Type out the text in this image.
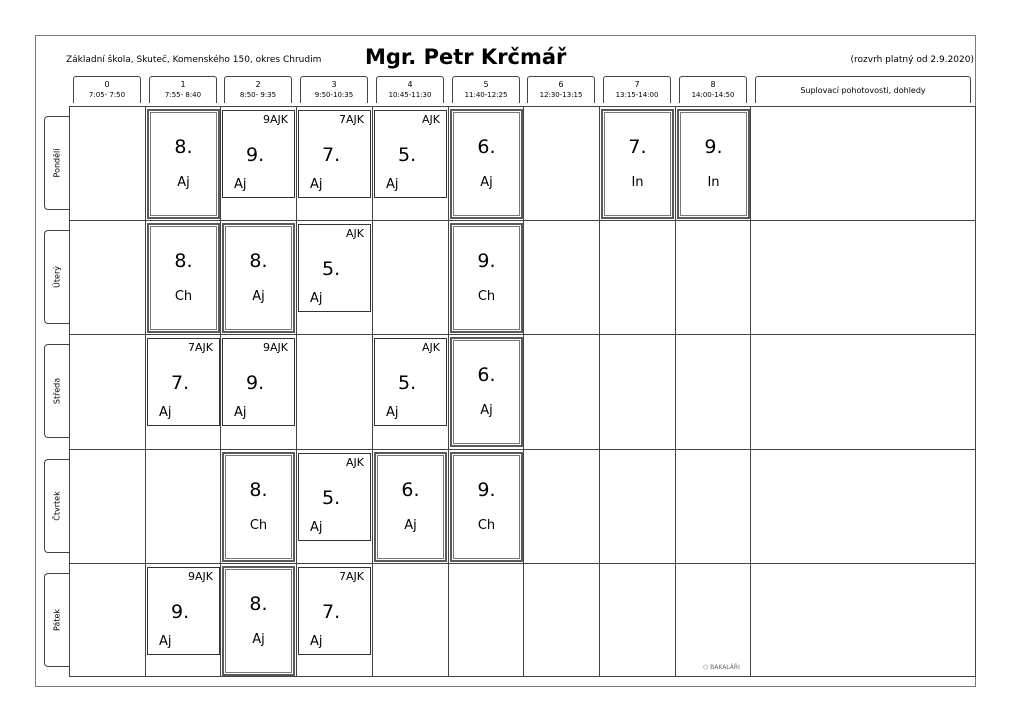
Základní škola, Skuteč, Komenského 150, okres Chrudim Mgr. Petr Krčmář	(rozvrh platný od 2.9.2020)
0
7:05- 7:50
1
7:55- 8:40
2
8:50- 9:35
3
9:50-10:35
4
10:45-11:30
5
11:40-12:25
6
12:30-13:15
7
13:15-14:00
8
14:00-14:50	Suplovací pohotovosti, dohledy
Pondělí
Úterý
Středa
Čtvrtek
Pátek
8.
Aj
9AJK
9.
Aj
7AJK
7.
Aj
AJK
5.
Aj
6.
Aj
7.
In
9.
In
8.
Ch
8.
Aj
AJK
5.
Aj
9.
Ch
7AJK
7.
Aj
9AJK
9.
Aj
AJK
5.
Aj
6.
Aj
8.
Ch
AJK
5.
Aj
6.
Aj
9.
Ch
9AJK
9.
Aj
8.
Aj
7AJK
7.
Aj
⬡ BAKALÁŘI
